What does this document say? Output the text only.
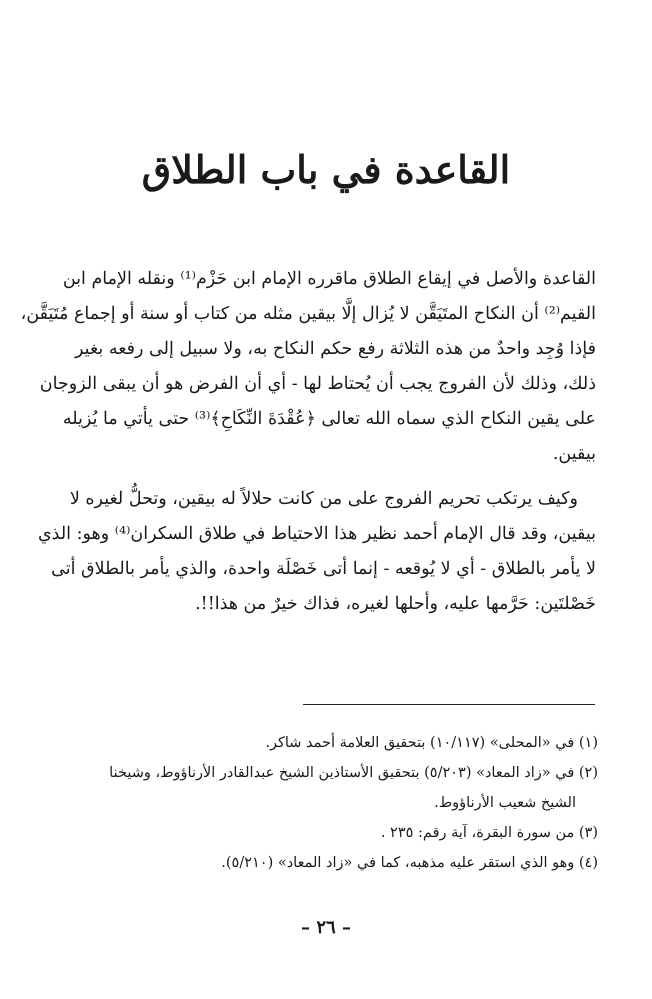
القاعدة في باب الطلاق

القاعدة والأصل في إيقاع الطلاق ماقرره الإمام ابن حَزْم⁽¹⁾ ونقله الإمام ابن
القيم⁽²⁾ أن النكاح المتَيَقَّن لا يُزال إلَّا بيقين مثله من كتاب أو سنة أو إجماع مُتَيَقَّن،
فإذا وُجِد واحدٌ من هذه الثلاثة رفع حكم النكاح به، ولا سبيل إلى رفعه بغير
ذلك، وذلك لأن الفروج يجب أن يُحتاط لها - أي أن الفرض هو أن يبقى الزوجان
على يقين النكاح الذي سماه الله تعالى ﴿عُقْدَةَ النِّكَاحِ﴾⁽³⁾ حتى يأتي ما يُزيله
بيقين.

وكيف يرتكب تحريم الفروج على من كانت حلالاً له بيقين، وتحلُّ لغيره لا
بيقين، وقد قال الإمام أحمد نظير هذا الاحتياط في طلاق السكران⁽⁴⁾ وهو: الذي
لا يأمر بالطلاق - أي لا يُوقعه - إنما أتى خَصْلَة واحدة، والذي يأمر بالطلاق أتى
خَصْلتَين: حَرَّمها عليه، وأحلها لغيره، فذاك خيرٌ من هذا!!.

(١) في «المحلى» (١٠/١١٧) بتحقيق العلامة أحمد شاكر.
(٢) في «زاد المعاد» (٥/٢٠٣) بتحقيق الأستاذين الشيخ عبدالقادر الأرناؤوط، وشيخنا
الشيخ شعيب الأرناؤوط.
(٣) من سورة البقرة، آية رقم: ٢٣٥ .
(٤) وهو الذي استقر عليه مذهبه، كما في «زاد المعاد» (٥/٢١٠).
– ٢٦ –
